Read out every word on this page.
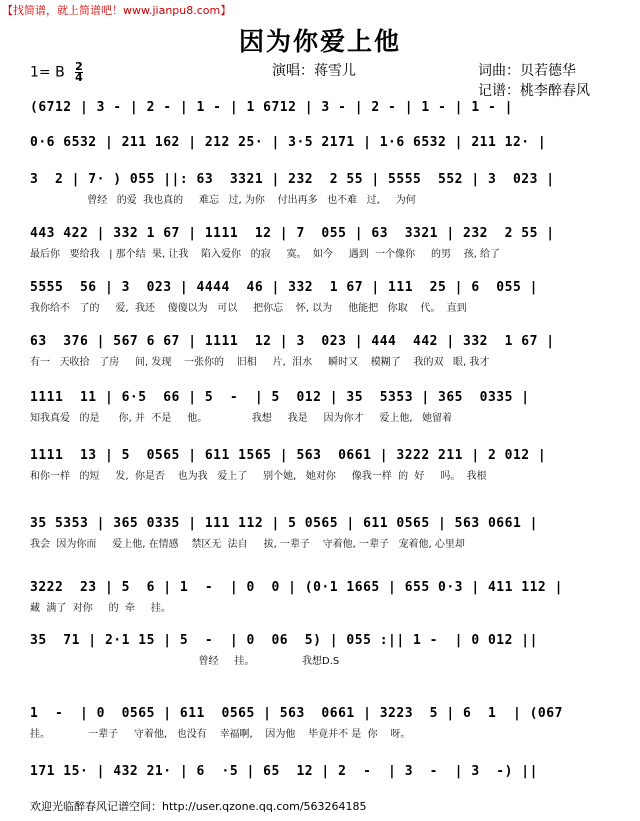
【找简谱，就上简谱吧！www.jianpu8.com】
因为你爱上他
1= B $\frac{2}{4}$	演唱：蒋雪儿	词曲：贝若德华
记谱：桃李醉春风
(6712 | 3 - | 2 - | 1 - | 1 6712 | 3 - | 2 - | 1 - | 1 - |
0·6 6532 | 211 162 | 212 25· | 3·5 2171 | 1·6 6532 | 211 12· |
3  2 | 7· ) 055 ||: 63  3321 | 232  2 55 | 5555  552 | 3  023 |
曾经   的爱  我也真的     难忘   过, 为你    付出再多   也不难   过,     为何
443 422 | 332 1 67 | 1111  12 | 7  055 | 63  3321 | 232  2 55 |
最后你   要给我   | 那个结  果, 让我    陷入爱你   的寂     寞。  如今     遇到  一个像你     的男    孩, 给了
5555  56 | 3  023 | 4444  46 | 332  1 67 | 111  25 | 6  055 |
我你给不   了的     爱,  我还    傻傻以为   可以     把你忘    怀, 以为     他能把   你取    代。  直到
63  376 | 567 6 67 | 1111  12 | 3  023 | 444  442 | 332  1 67 |
有一   天收拾   了房     间, 发现    一张你的    旧相     片,  泪水     瞬时又    模糊了    我的双   眼, 我才
1111  11 | 6·5  66 | 5  -  | 5  012 | 35  5353 | 365  0335 |
知我真爱   的是      你, 并  不是     他。              我想     我是     因为你才     爱上他,   她留着
1111  13 | 5  0565 | 611 1565 | 563  0661 | 3222 211 | 2 012 |
和你一样   的短     发,  你是否    也为我   爱上了     别个她,   她对你     像我一样  的  好     吗。  我根
35 5353 | 365 0335 | 111 112 | 5 0565 | 611 0565 | 563 0661 |
我会  因为你而     爱上他, 在情感    禁区无  法自     拔, 一辈子    守着他, 一辈子   宠着他, 心里却
3222  23 | 5  6 | 1  -  | 0  0 | (0·1 1665 | 655 0·3 | 411 112 |
藏  满了  对你     的  牵     挂。
35  71 | 2·1 15 | 5  -  | 0  06  5) | 055 :|| 1 -  | 0 012 ||
曾经     挂。               我想D.S
1  -  | 0  0565 | 611  0565 | 563  0661 | 3223  5 | 6  1  | (067
挂。            一辈子     守着他,   也没有    幸福啊,    因为他    毕竟并不 是  你    呀。
171 15· | 432 21· | 6  ·5 | 65  12 | 2  -  | 3  -  | 3  -) ||
欢迎光临醉春风记谱空间：http://user.qzone.qq.com/563264185
